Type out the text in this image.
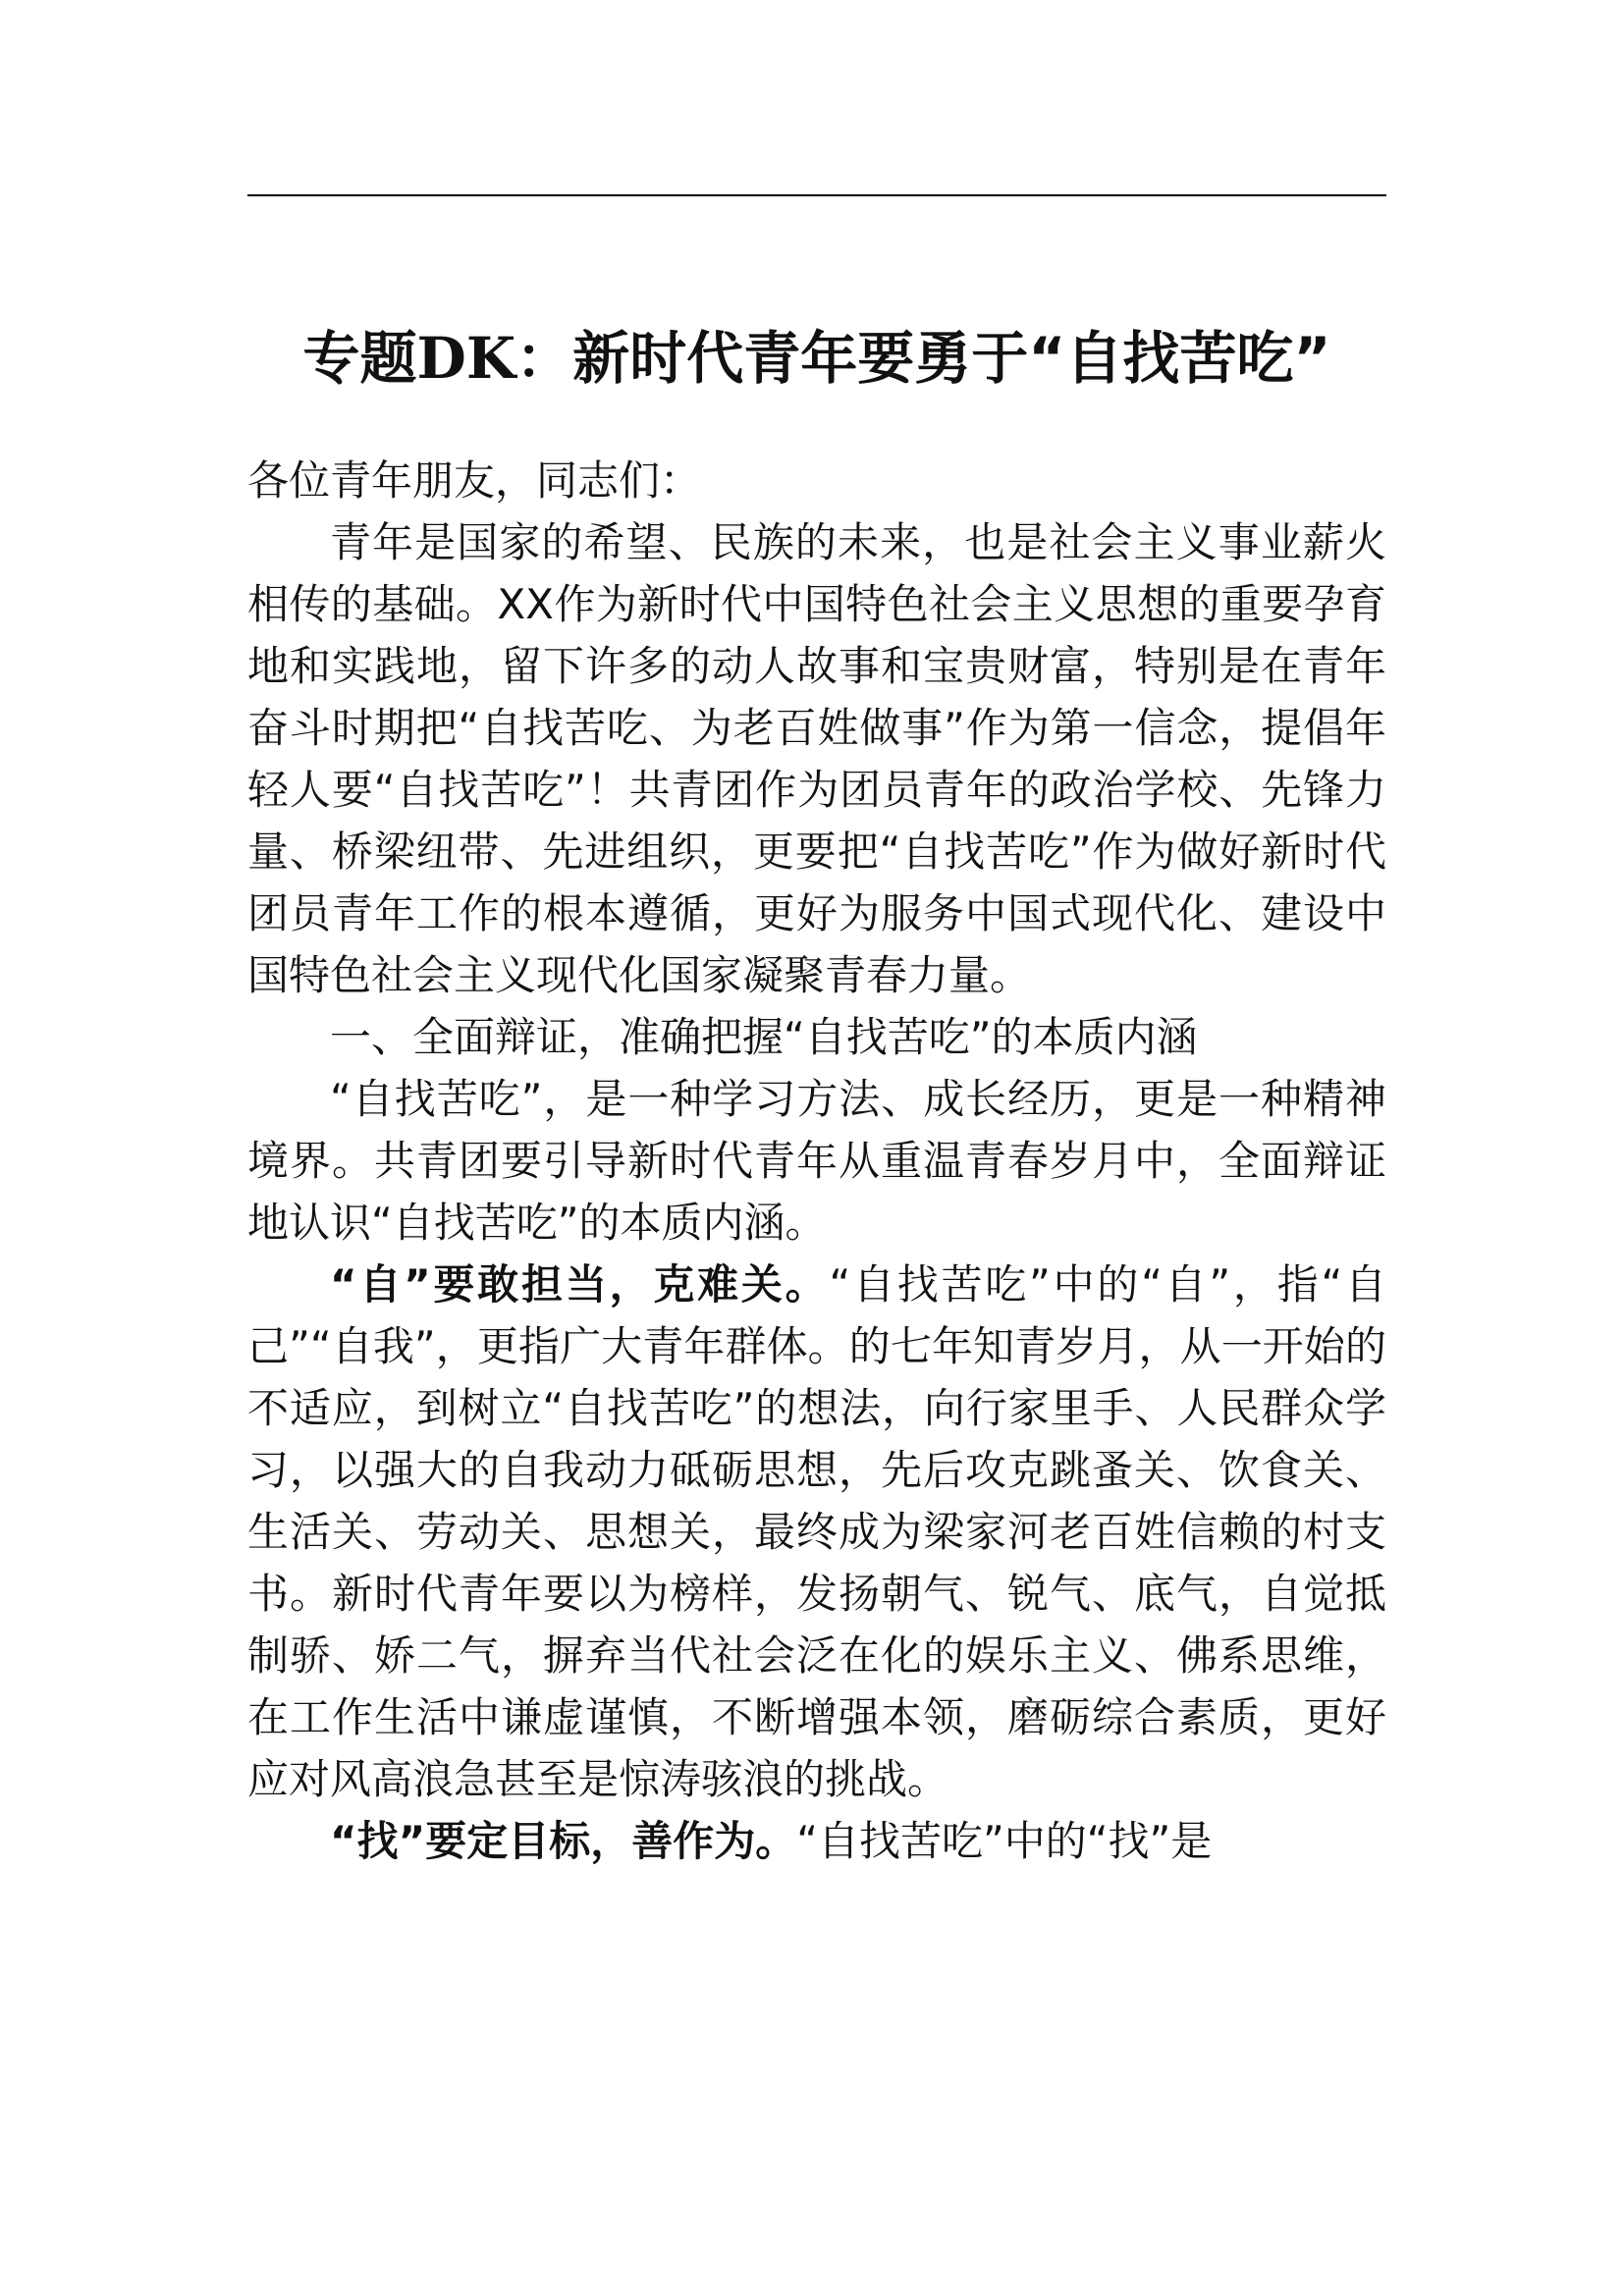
专题DK：新时代青年要勇于“自找苦吃”

各位青年朋友，同志们：

青年是国家的希望、民族的未来，也是社会主义事业薪火相传的基础。XX作为新时代中国特色社会主义思想的重要孕育地和实践地，留下许多的动人故事和宝贵财富，特别是在青年奋斗时期把“自找苦吃、为老百姓做事”作为第一信念，提倡年轻人要“自找苦吃”！共青团作为团员青年的政治学校、先锋力量、桥梁纽带、先进组织，更要把“自找苦吃”作为做好新时代团员青年工作的根本遵循，更好为服务中国式现代化、建设中国特色社会主义现代化国家凝聚青春力量。

一、全面辩证，准确把握“自找苦吃”的本质内涵

“自找苦吃”，是一种学习方法、成长经历，更是一种精神境界。共青团要引导新时代青年从重温青春岁月中，全面辩证地认识“自找苦吃”的本质内涵。

“自”要敢担当，克难关。“自找苦吃”中的“自”，指“自己”“自我”，更指广大青年群体。的七年知青岁月，从一开始的不适应，到树立“自找苦吃”的想法，向行家里手、人民群众学习，以强大的自我动力砥砺思想，先后攻克跳蚤关、饮食关、生活关、劳动关、思想关，最终成为梁家河老百姓信赖的村支书。新时代青年要以为榜样，发扬朝气、锐气、底气，自觉抵制骄、娇二气，摒弃当代社会泛在化的娱乐主义、佛系思维，在工作生活中谦虚谨慎，不断增强本领，磨砺综合素质，更好应对风高浪急甚至是惊涛骇浪的挑战。

“找”要定目标，善作为。“自找苦吃”中的“找”是
